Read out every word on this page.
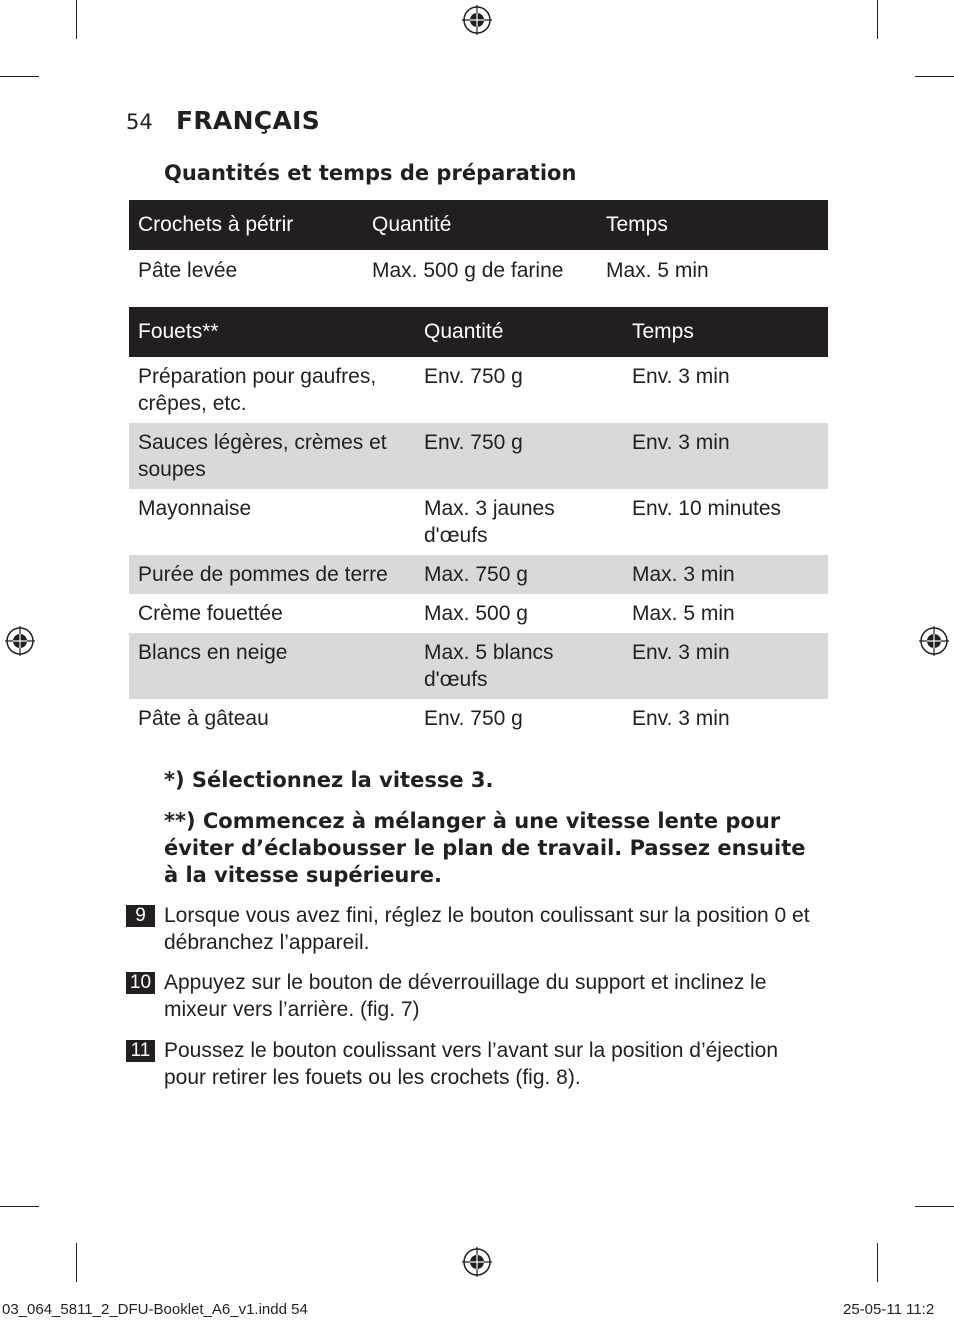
54 FRANÇAIS
Quantités et temps de préparation
Crochets à pétrir	Quantité	Temps
Pâte levée	Max. 500 g de farine	Max. 5 min
Fouets**	Quantité	Temps
Préparation pour gaufres, crêpes, etc.	Env. 750 g	Env. 3 min
Sauces légères, crèmes et soupes	Env. 750 g	Env. 3 min
Mayonnaise	Max. 3 jaunes d'œufs	Env. 10 minutes
Purée de pommes de terre	Max. 750 g	Max. 3 min
Crème fouettée	Max. 500 g	Max. 5 min
Blancs en neige	Max. 5 blancs d'œufs	Env. 3 min
Pâte à gâteau	Env. 750 g	Env. 3 min
*) Sélectionnez la vitesse 3.
**) Commencez à mélanger à une vitesse lente pour éviter d’éclabousser le plan de travail. Passez ensuite à la vitesse supérieure.
9 Lorsque vous avez fini, réglez le bouton coulissant sur la position 0 et débranchez l’appareil.
10 Appuyez sur le bouton de déverrouillage du support et inclinez le mixeur vers l’arrière. (fig. 7)
11 Poussez le bouton coulissant vers l’avant sur la position d’éjection pour retirer les fouets ou les crochets (fig. 8).
03_064_5811_2_DFU-Booklet_A6_v1.indd 54	25-05-11 11:2
